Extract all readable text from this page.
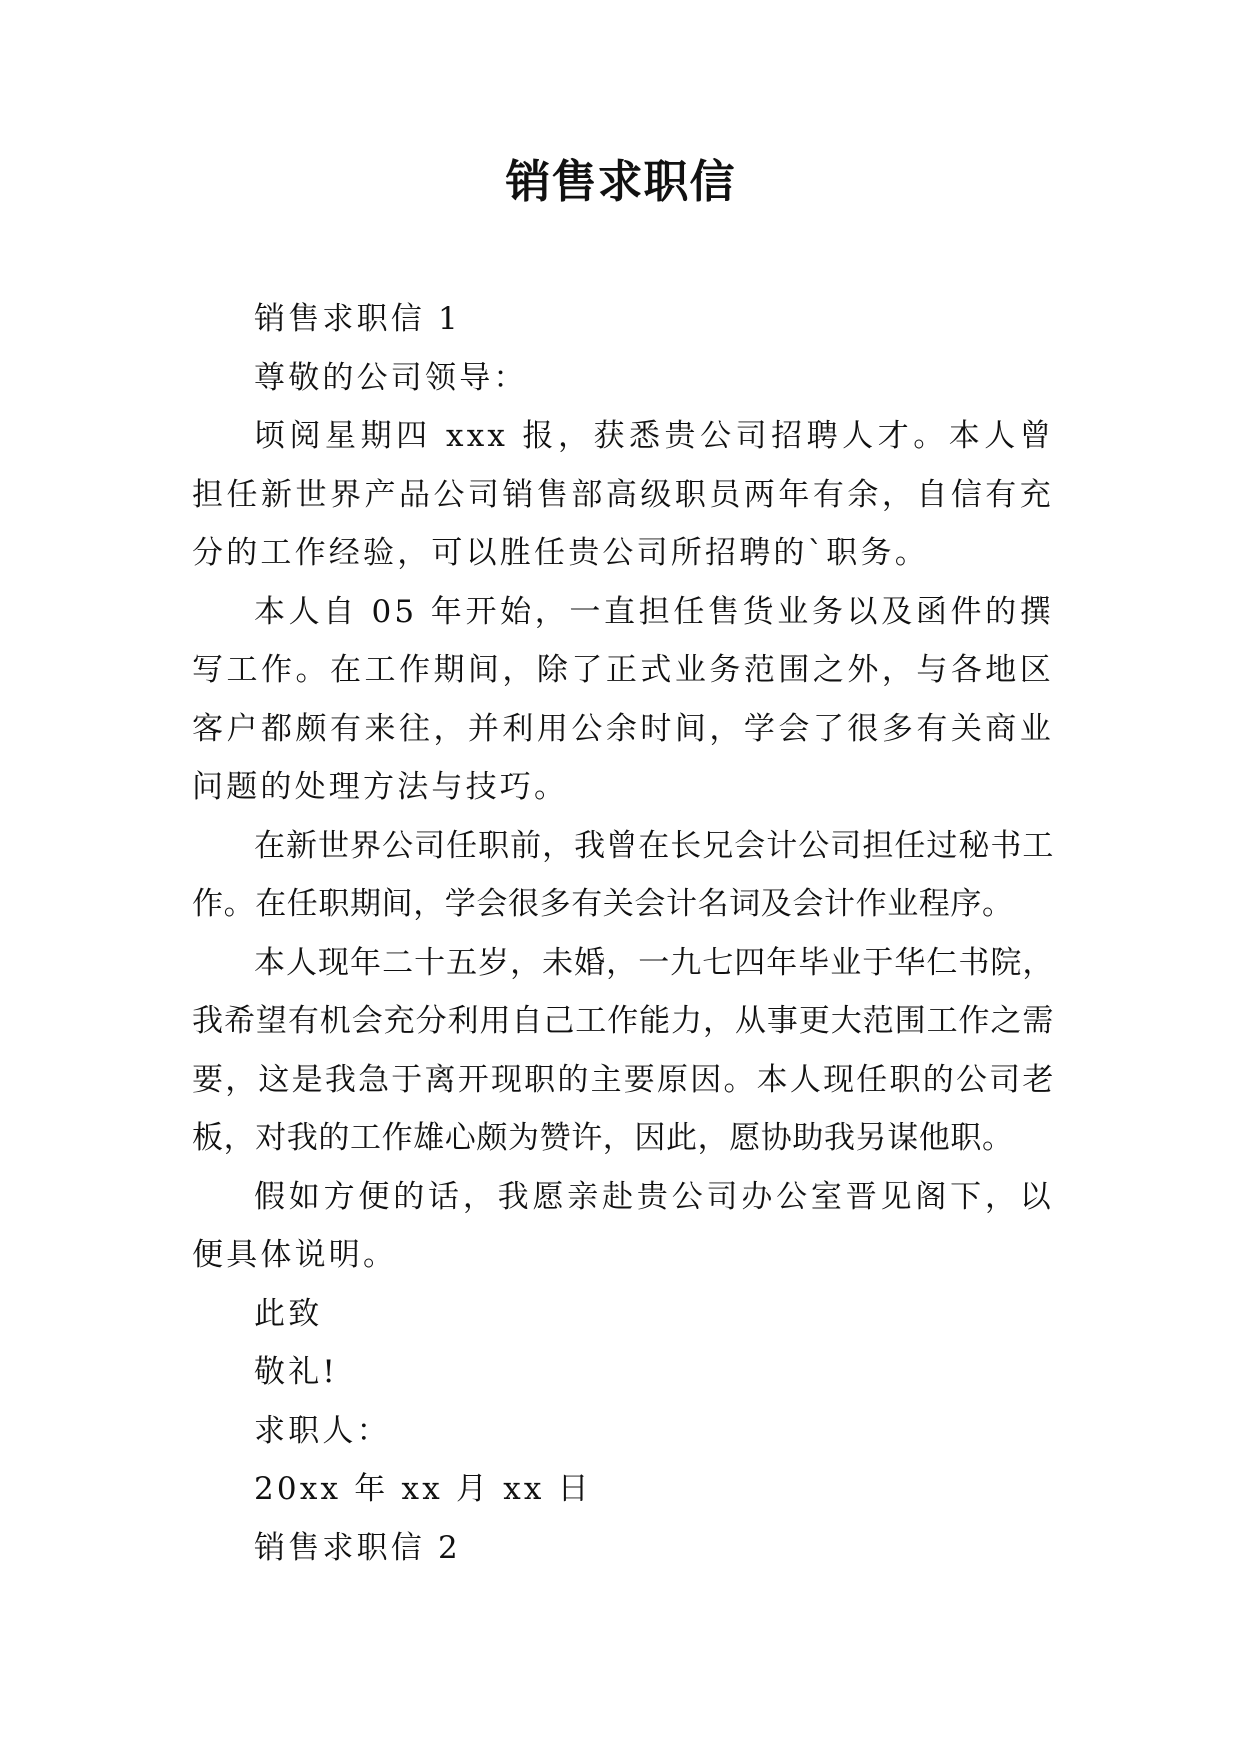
销售求职信

销售求职信 1

尊敬的公司领导：

顷阅星期四 xxx 报，获悉贵公司招聘人才。本人曾担任新世界产品公司销售部高级职员两年有余，自信有充分的工作经验，可以胜任贵公司所招聘的`职务。

本人自 05 年开始，一直担任售货业务以及函件的撰写工作。在工作期间，除了正式业务范围之外，与各地区客户都颇有来往，并利用公余时间，学会了很多有关商业问题的处理方法与技巧。

在新世界公司任职前，我曾在长兄会计公司担任过秘书工作。在任职期间，学会很多有关会计名词及会计作业程序。

本人现年二十五岁，未婚，一九七四年毕业于华仁书院，我希望有机会充分利用自己工作能力，从事更大范围工作之需要，这是我急于离开现职的主要原因。本人现任职的公司老板，对我的工作雄心颇为赞许，因此，愿协助我另谋他职。

假如方便的话，我愿亲赴贵公司办公室晋见阁下，以便具体说明。

此致

敬礼!

求职人：

20xx 年 xx 月 xx 日

销售求职信 2
